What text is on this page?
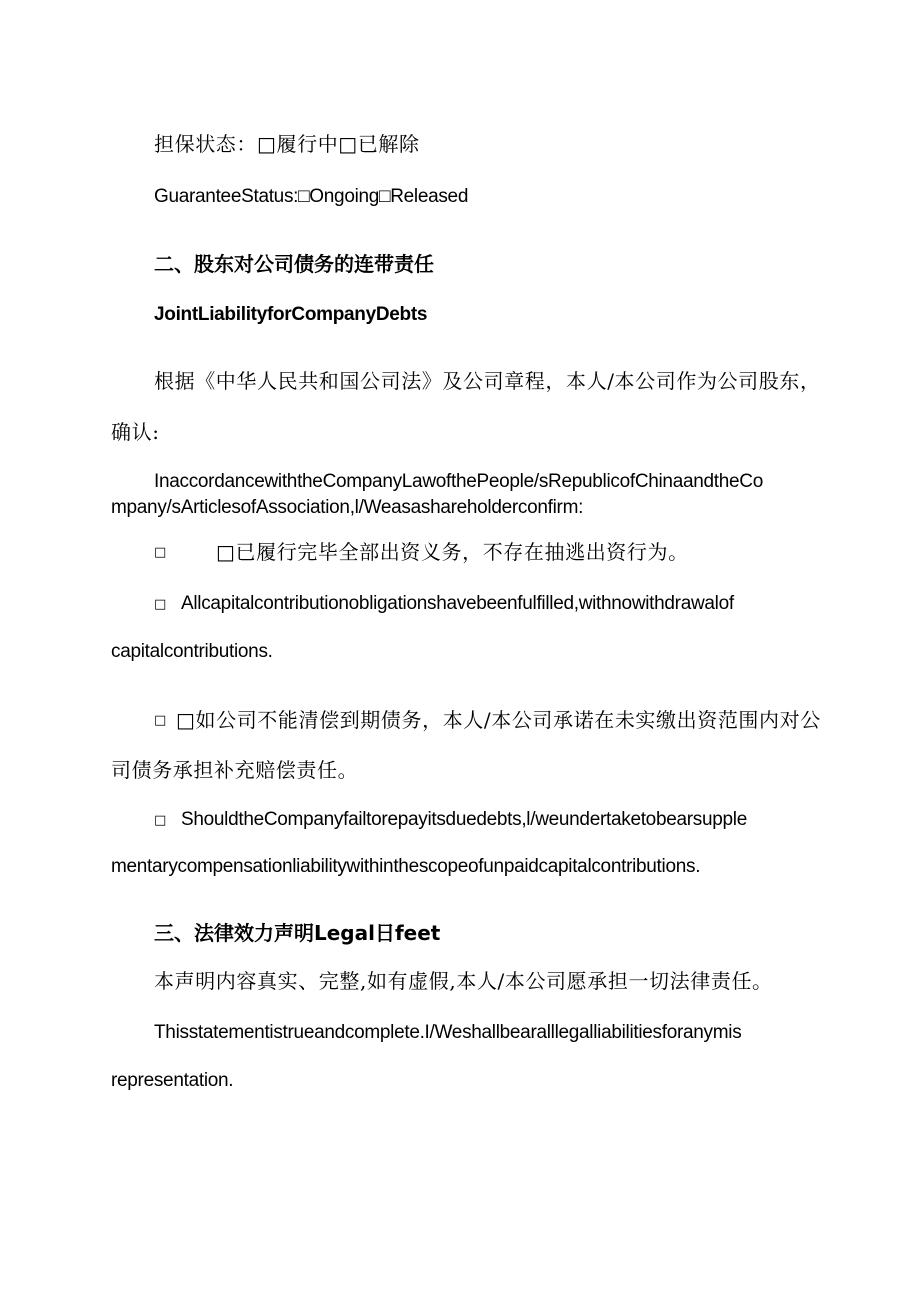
担保状态：□履行中□已解除

GuaranteeStatus:□Ongoing□Released

二、股东对公司债务的连带责任

JointLiabilityforCompanyDebts

根据《中华人民共和国公司法》及公司章程，本人/本公司作为公司股东，

确认:

InaccordancewiththeCompanyLawofthePeople/sRepublicofChinaandtheCo

mpany/sArticlesofAssociation,l/Weasashareholderconfirm:

□ □已履行完毕全部出资义务，不存在抽逃出资行为。

□ Allcapitalcontributionobligationshavebeenfulfilled,withnowithdrawalof

capitalcontributions.

□ □如公司不能清偿到期债务，本人/本公司承诺在未实缴出资范围内对公

司债务承担补充赔偿责任。

□ ShouldtheCompanyfailtorepayitsduedebts,l/weundertaketobearsupple

mentarycompensationliabilitywithinthescopeofunpaidcapitalcontributions.

三、法律效力声明Legal日feet

本声明内容真实、完整,如有虚假,本人/本公司愿承担一切法律责任。

Thisstatementistrueandcomplete.I/Weshallbearalllegalliabilitiesforanymis

representation.
